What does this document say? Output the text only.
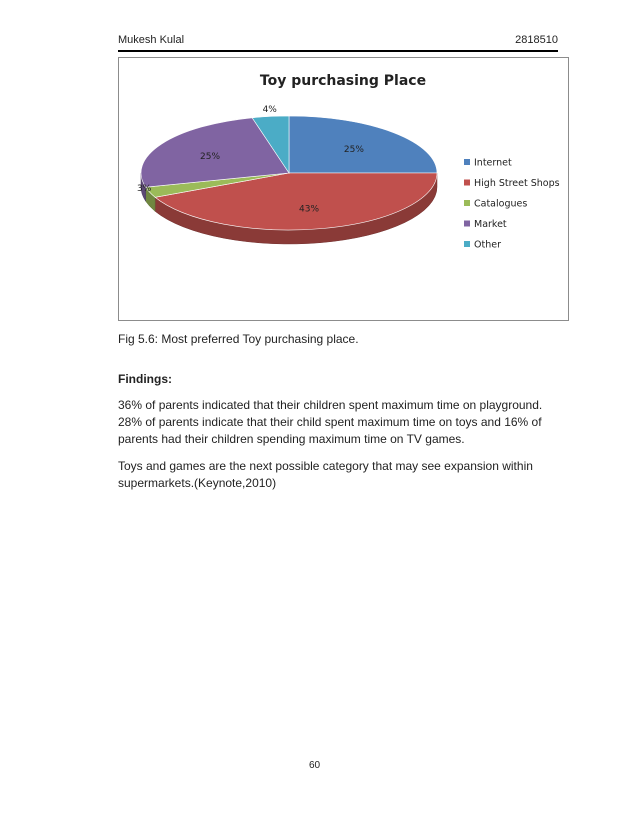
Mukesh Kulal	2818510
Toy purchasing Place
25%
43%
3%
25%
4%
Internet
High Street Shops
Catalogues
Market
Other
Fig 5.6: Most preferred Toy purchasing place.
Findings:
36% of parents indicated that their children spent maximum time on playground.
28% of parents indicate that their child spent maximum time on toys and 16% of
parents had their children spending maximum time on TV games.
Toys and games are the next possible category that may see expansion within
supermarkets.(Keynote,2010)
60
